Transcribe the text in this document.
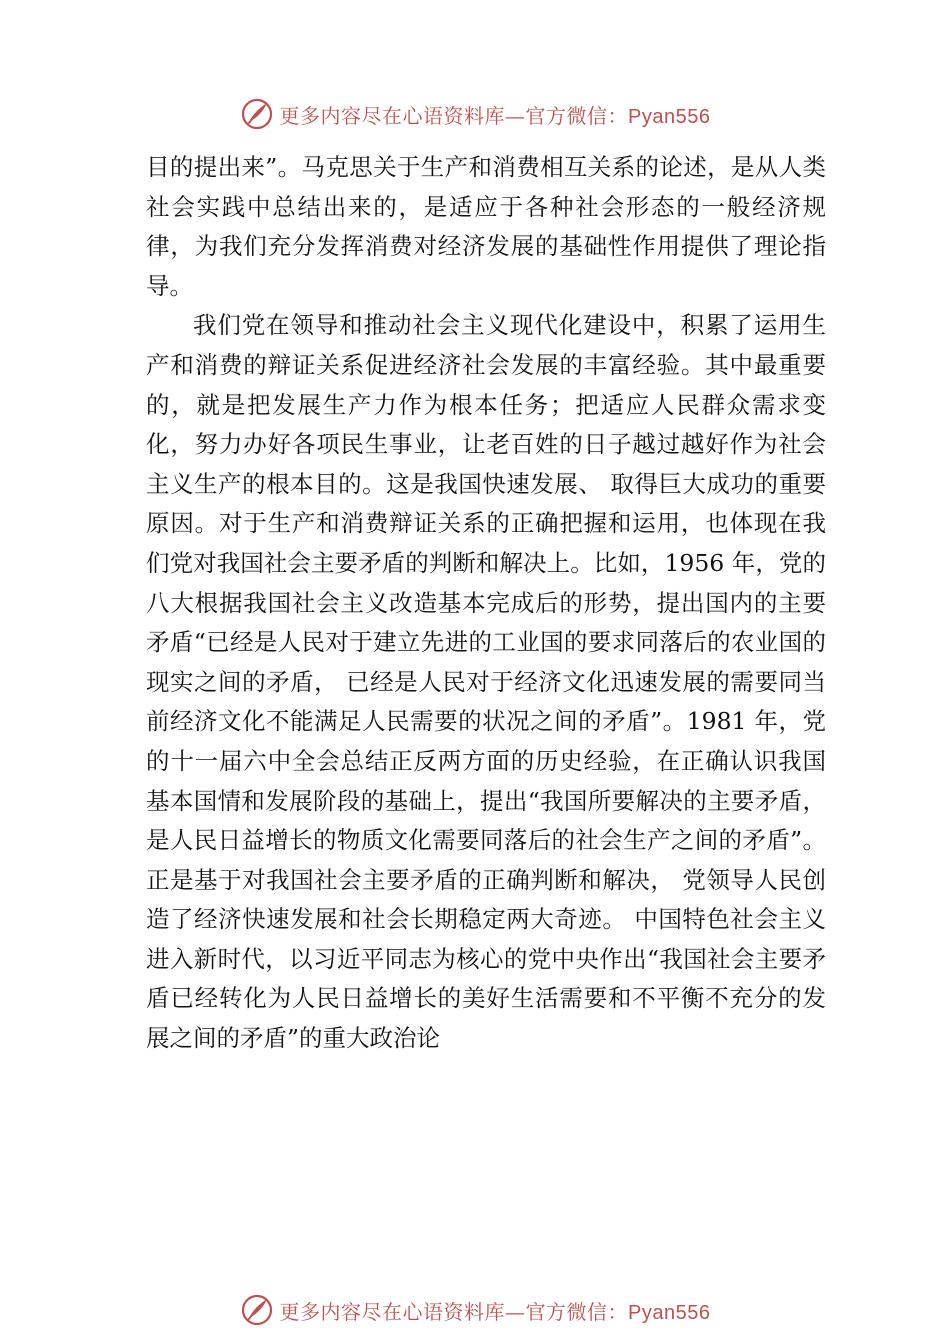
更多内容尽在心语资料库—官方微信：Pyan556

目的提出来”。马克思关于生产和消费相互关系的论述，是从人类社会实践中总结出来的，是适应于各种社会形态的一般经济规律，为我们充分发挥消费对经济发展的基础性作用提供了理论指导。

我们党在领导和推动社会主义现代化建设中，积累了运用生产和消费的辩证关系促进经济社会发展的丰富经验。其中最重要的，就是把发展生产力作为根本任务；把适应人民群众需求变化，努力办好各项民生事业，让老百姓的日子越过越好作为社会主义生产的根本目的。这是我国快速发展、 取得巨大成功的重要原因。对于生产和消费辩证关系的正确把握和运用，也体现在我们党对我国社会主要矛盾的判断和解决上。比如，1956 年，党的八大根据我国社会主义改造基本完成后的形势，提出国内的主要矛盾“已经是人民对于建立先进的工业国的要求同落后的农业国的现实之间的矛盾， 已经是人民对于经济文化迅速发展的需要同当前经济文化不能满足人民需要的状况之间的矛盾”。1981 年，党的十一届六中全会总结正反两方面的历史经验，在正确认识我国基本国情和发展阶段的基础上，提出“我国所要解决的主要矛盾，是人民日益增长的物质文化需要同落后的社会生产之间的矛盾”。正是基于对我国社会主要矛盾的正确判断和解决， 党领导人民创造了经济快速发展和社会长期稳定两大奇迹。 中国特色社会主义进入新时代，以习近平同志为核心的党中央作出“我国社会主要矛盾已经转化为人民日益增长的美好生活需要和不平衡不充分的发展之间的矛盾”的重大政治论

更多内容尽在心语资料库—官方微信：Pyan556
